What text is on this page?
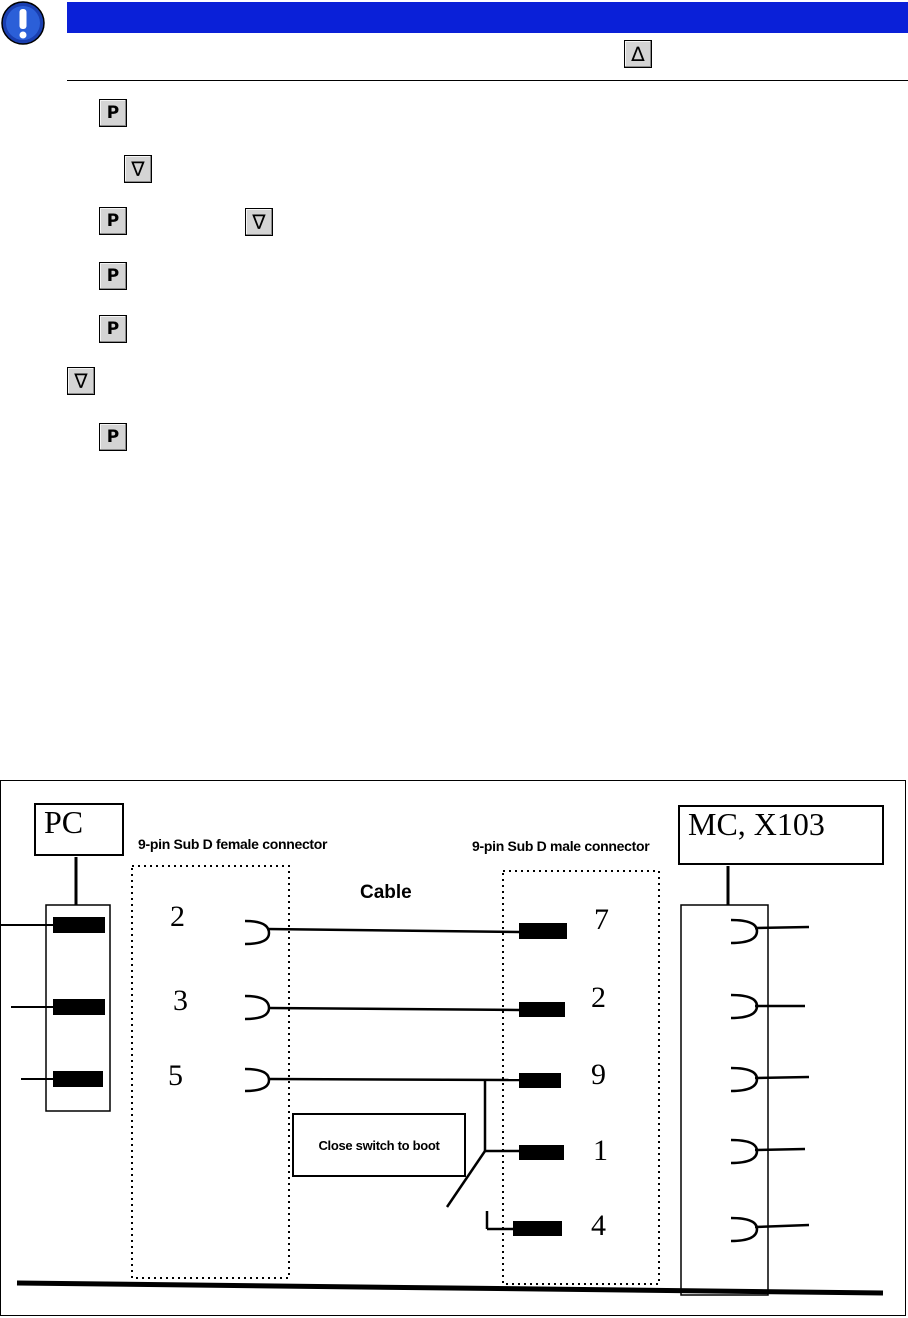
∆
P
∇
P	∇
P
P
∇
P
PC	MC, X103
9-pin Sub D female connector	9-pin Sub D male connector
Cable
2
3
5
7
2
9
1
4
Close switch to boot
